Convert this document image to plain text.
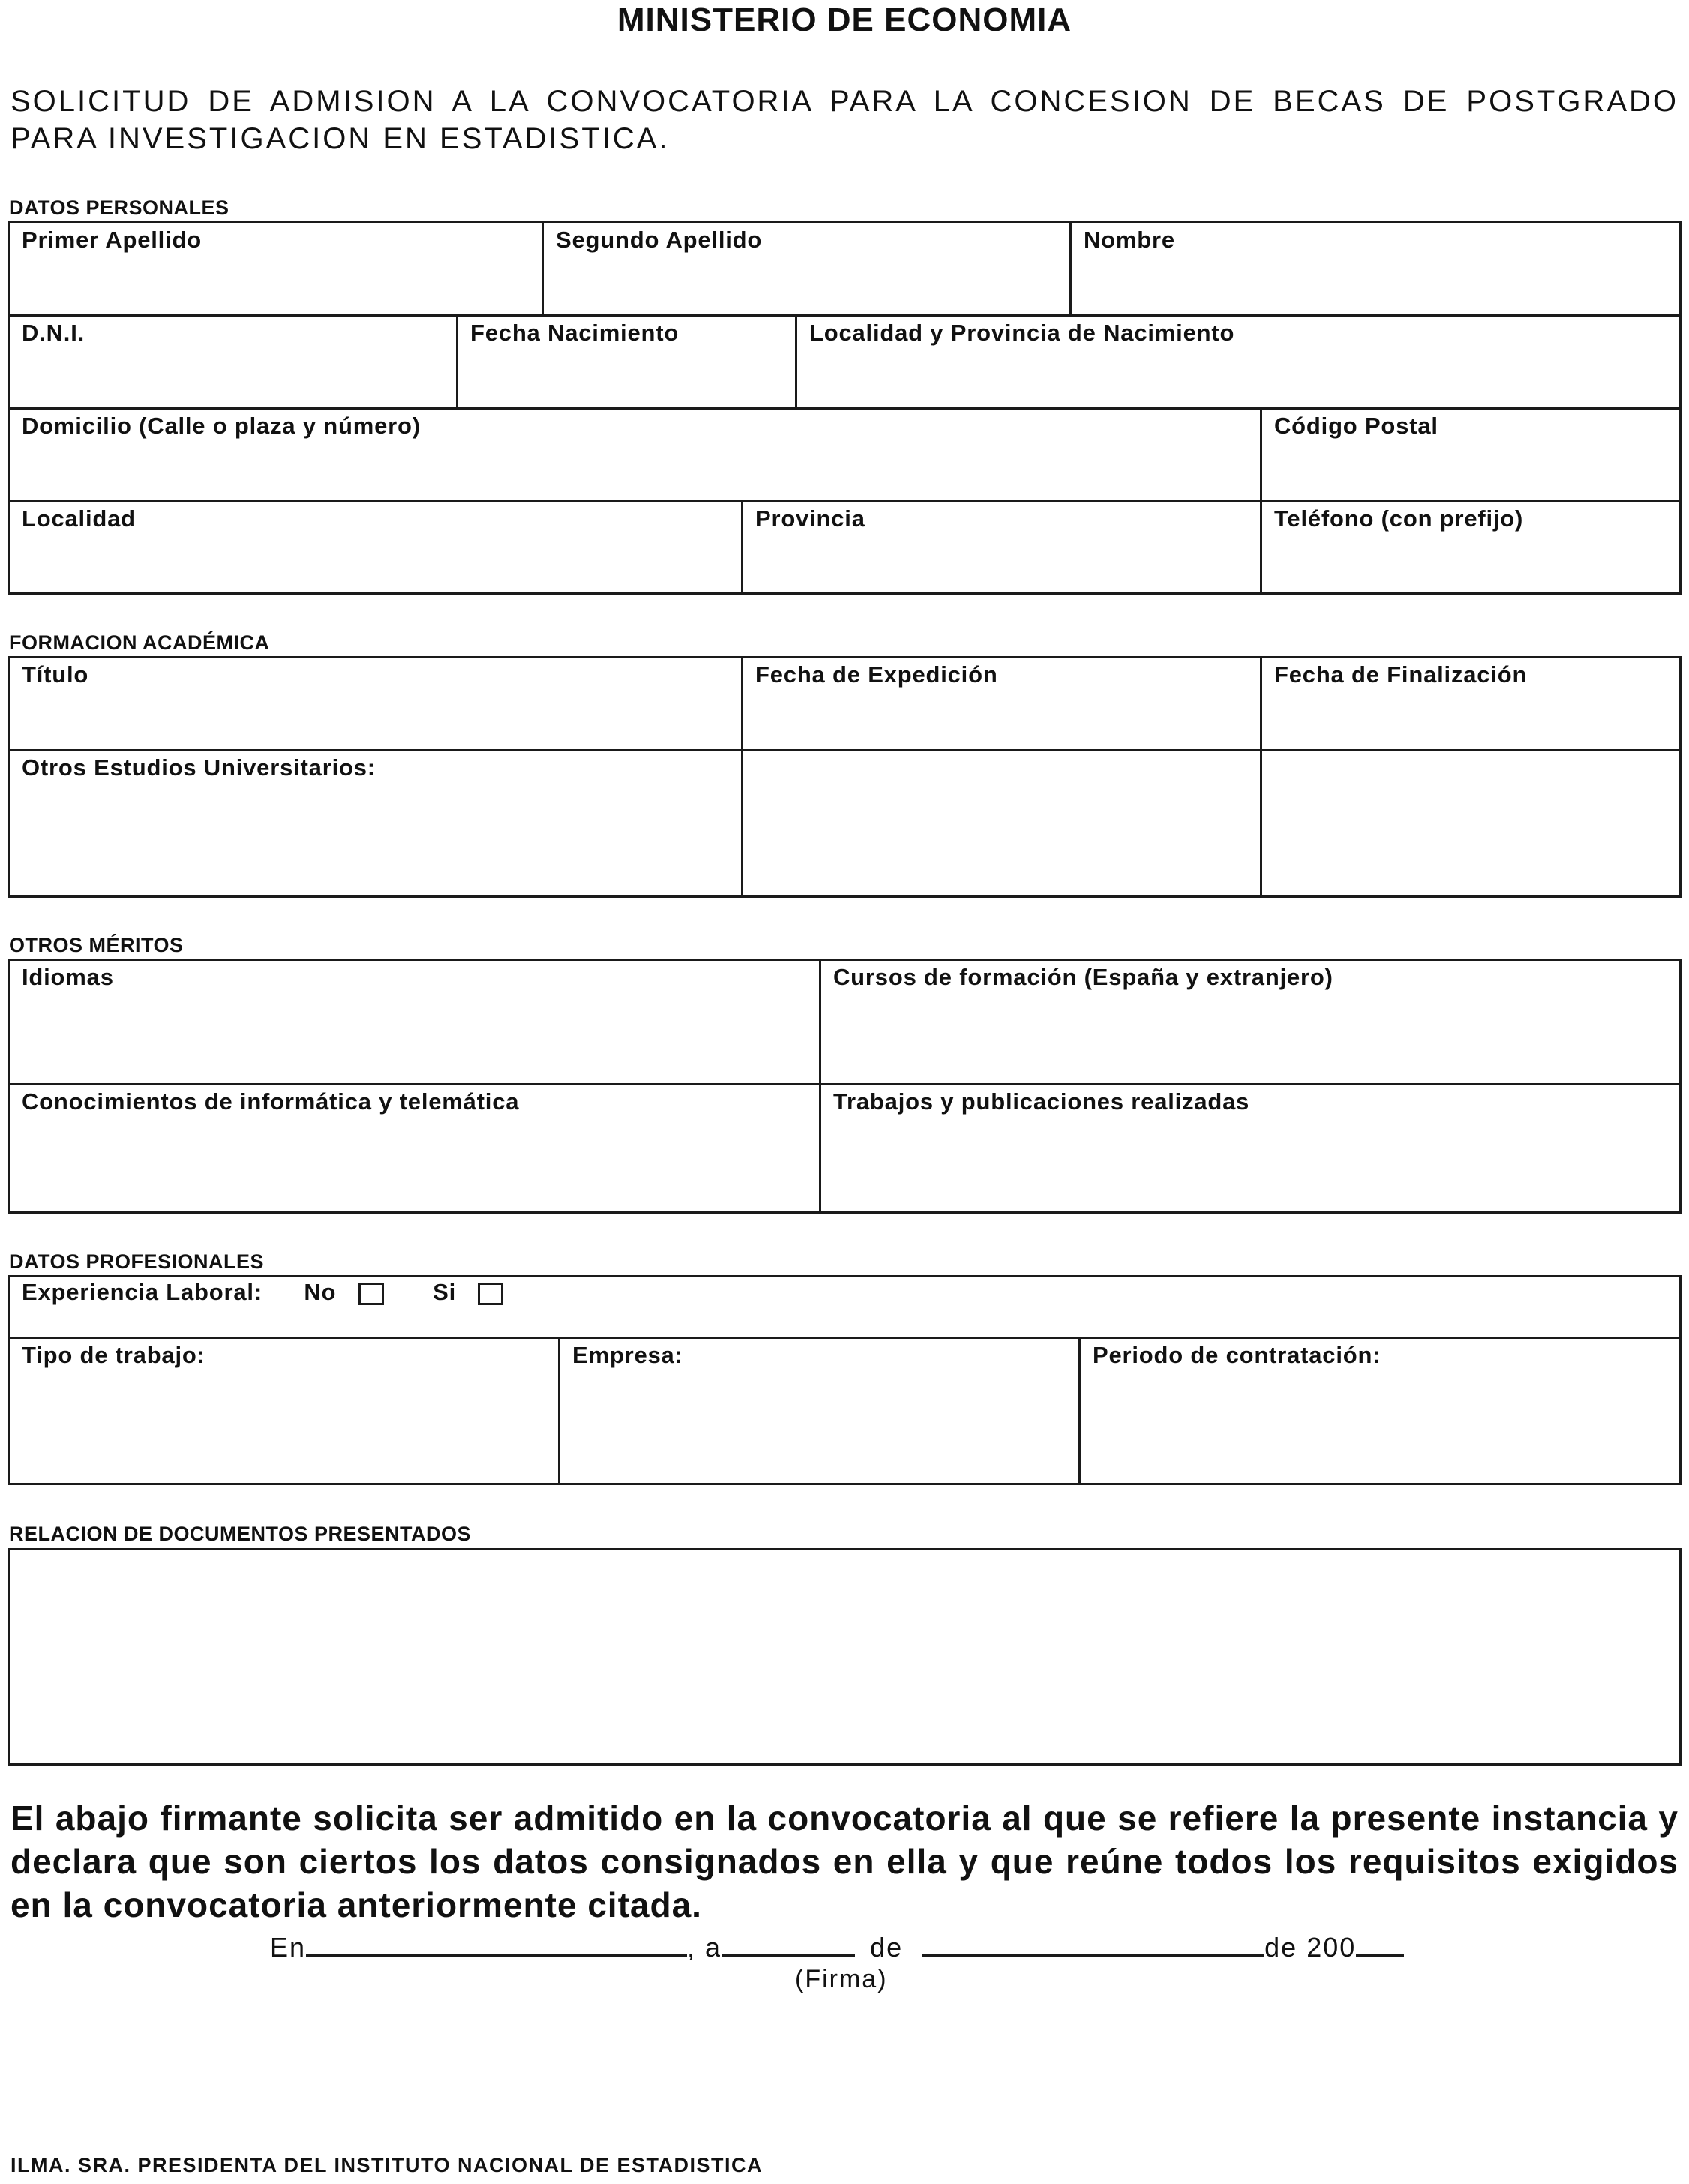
MINISTERIO DE ECONOMIA
SOLICITUD DE ADMISION A LA CONVOCATORIA PARA LA CONCESION DE BECAS DE POSTGRADO PARA INVESTIGACION EN ESTADISTICA.
DATOS PERSONALES
Primer Apellido	Segundo Apellido	Nombre
D.N.I.	Fecha Nacimiento	Localidad y Provincia de Nacimiento
Domicilio (Calle o plaza y número)	Código Postal
Localidad	Provincia	Teléfono (con prefijo)
FORMACION ACADÉMICA
Título	Fecha de Expedición	Fecha de Finalización
Otros Estudios Universitarios:
OTROS MÉRITOS
Idiomas	Cursos de formación (España y extranjero)
Conocimientos de informática y telemática	Trabajos y publicaciones realizadas
DATOS PROFESIONALES
Experiencia Laboral: No	Si
Tipo de trabajo:	Empresa:	Periodo de contratación:
RELACION DE DOCUMENTOS PRESENTADOS
El abajo firmante solicita ser admitido en la convocatoria al que se refiere la presente instancia y declara que son ciertos los datos consignados en ella y que reúne todos los requisitos exigidos en la convocatoria anteriormente citada.
En	, a	de	de 200
(Firma)
ILMA. SRA. PRESIDENTA DEL INSTITUTO NACIONAL DE ESTADISTICA
